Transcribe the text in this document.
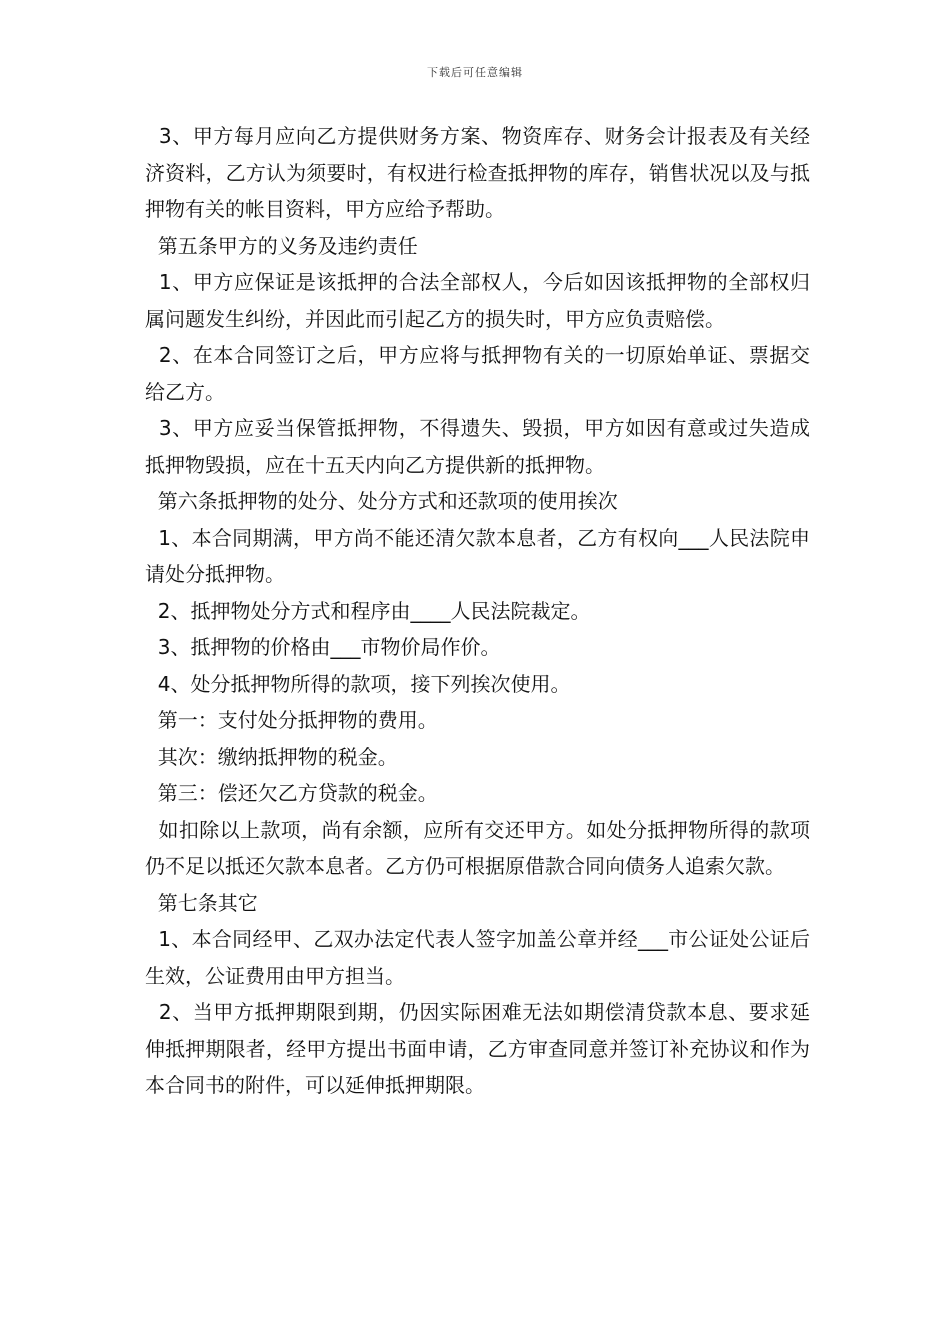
下载后可任意编辑

3、甲方每月应向乙方提供财务方案、物资库存、财务会计报表及有关经济资料，乙方认为须要时，有权进行检查抵押物的库存，销售状况以及与抵押物有关的帐目资料，甲方应给予帮助。

第五条甲方的义务及违约责任

1、甲方应保证是该抵押的合法全部权人，今后如因该抵押物的全部权归属问题发生纠纷，并因此而引起乙方的损失时，甲方应负责赔偿。

2、在本合同签订之后，甲方应将与抵押物有关的一切原始单证、票据交给乙方。

3、甲方应妥当保管抵押物，不得遗失、毁损，甲方如因有意或过失造成抵押物毁损，应在十五天内向乙方提供新的抵押物。

第六条抵押物的处分、处分方式和还款项的使用挨次

1、本合同期满，甲方尚不能还清欠款本息者，乙方有权向___人民法院申请处分抵押物。

2、抵押物处分方式和程序由____人民法院裁定。

3、抵押物的价格由___市物价局作价。

4、处分抵押物所得的款项，接下列挨次使用。

第一：支付处分抵押物的费用。

其次：缴纳抵押物的税金。

第三：偿还欠乙方贷款的税金。

如扣除以上款项，尚有余额，应所有交还甲方。如处分抵押物所得的款项仍不足以抵还欠款本息者。乙方仍可根据原借款合同向债务人追索欠款。

第七条其它

1、本合同经甲、乙双办法定代表人签字加盖公章并经___市公证处公证后生效，公证费用由甲方担当。

2、当甲方抵押期限到期，仍因实际困难无法如期偿清贷款本息、要求延伸抵押期限者，经甲方提出书面申请，乙方审查同意并签订补充协议和作为本合同书的附件，可以延伸抵押期限。
